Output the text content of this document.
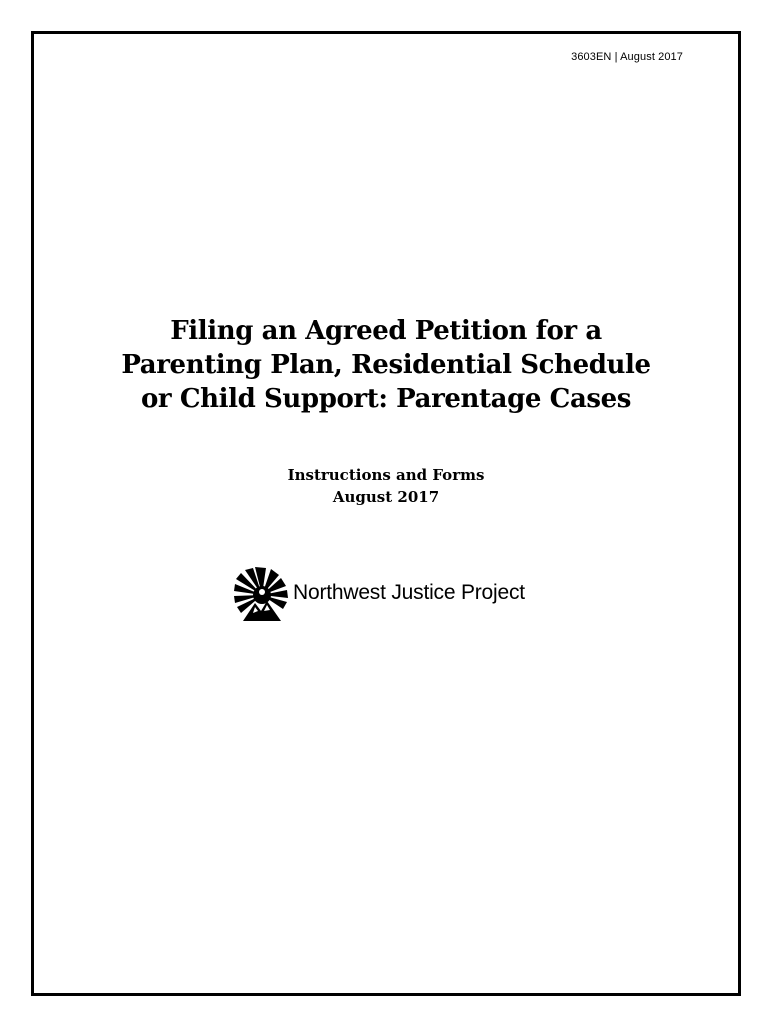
3603EN | August 2017
Filing an Agreed Petition for a
Parenting Plan, Residential Schedule
or Child Support: Parentage Cases
Instructions and Forms
August 2017
Northwest Justice Project
